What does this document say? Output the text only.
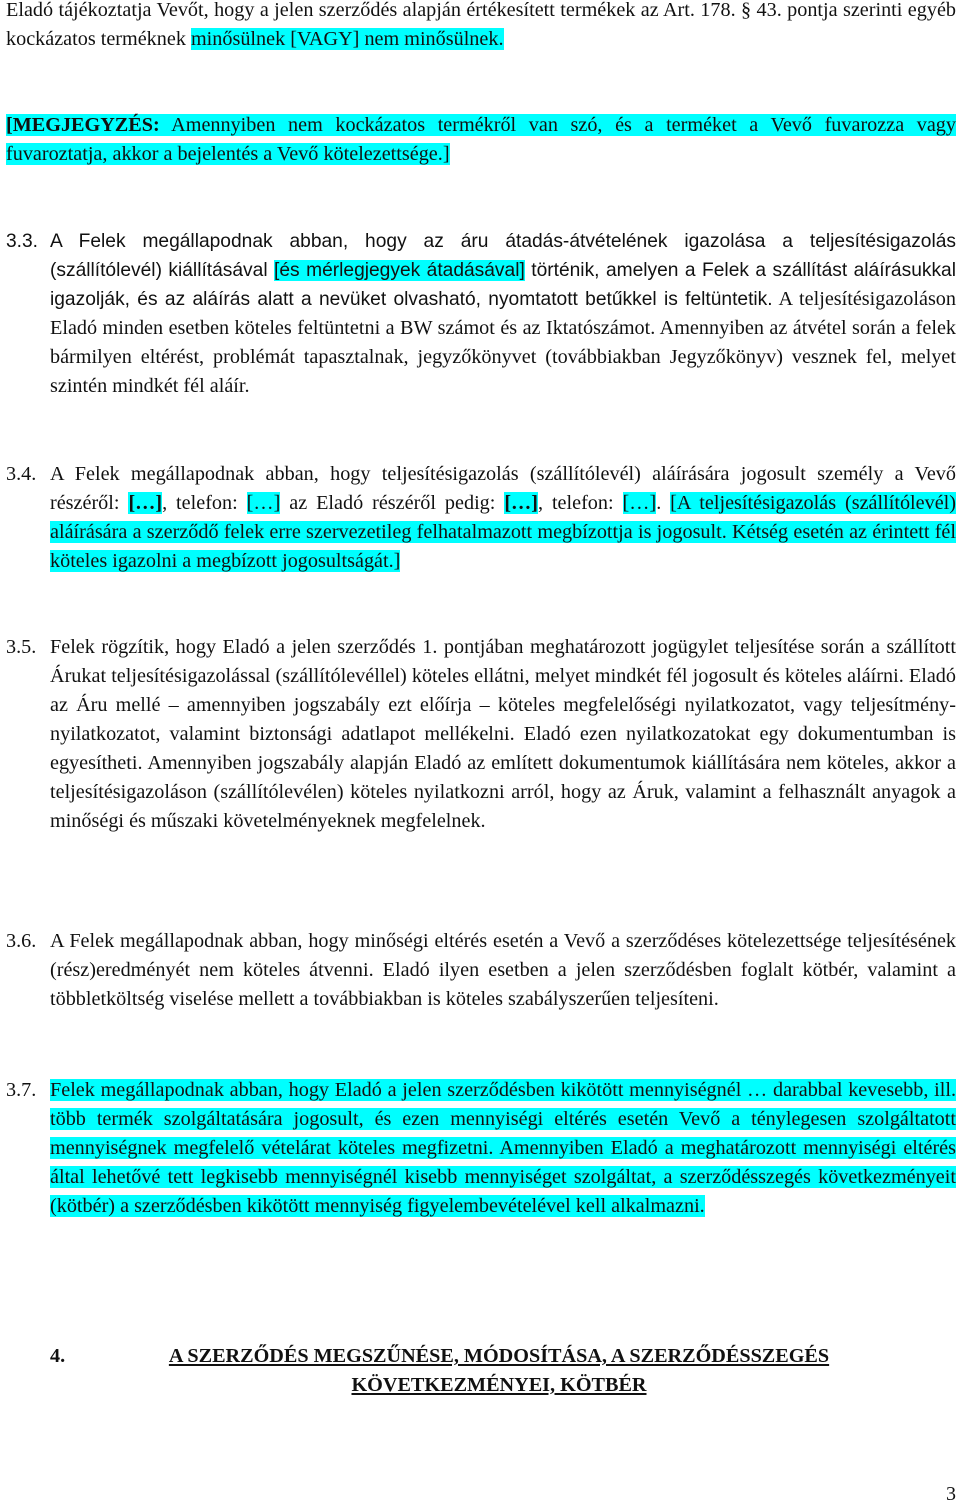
Eladó tájékoztatja Vevőt, hogy a jelen szerződés alapján értékesített termékek az Art. 178. § 43. pontja szerinti egyéb kockázatos terméknek minősülnek [VAGY] nem minősülnek.
[MEGJEGYZÉS: Amennyiben nem kockázatos termékről van szó, és a terméket a Vevő fuvarozza vagy fuvaroztatja, akkor a bejelentés a Vevő kötelezettsége.]
3.3. A Felek megállapodnak abban, hogy az áru átadás-átvételének igazolása a teljesítésigazolás (szállítólevél) kiállításával [és mérlegjegyek átadásával] történik, amelyen a Felek a szállítást aláírásukkal igazolják, és az aláírás alatt a nevüket olvasható, nyomtatott betűkkel is feltüntetik. A teljesítésigazoláson Eladó minden esetben köteles feltüntetni a BW számot és az Iktatószámot. Amennyiben az átvétel során a felek bármilyen eltérést, problémát tapasztalnak, jegyzőkönyvet (továbbiakban Jegyzőkönyv) vesznek fel, melyet szintén mindkét fél aláír.
3.4. A Felek megállapodnak abban, hogy teljesítésigazolás (szállítólevél) aláírására jogosult személy a Vevő részéről: […], telefon: […] az Eladó részéről pedig: […], telefon: […]. [A teljesítésigazolás (szállítólevél) aláírására a szerződő felek erre szervezetileg felhatalmazott megbízottja is jogosult. Kétség esetén az érintett fél köteles igazolni a megbízott jogosultságát.]
3.5. Felek rögzítik, hogy Eladó a jelen szerződés 1. pontjában meghatározott jogügylet teljesítése során a szállított Árukat teljesítésigazolással (szállítólevéllel) köteles ellátni, melyet mindkét fél jogosult és köteles aláírni. Eladó az Áru mellé – amennyiben jogszabály ezt előírja – köteles megfelelőségi nyilatkozatot, vagy teljesítmény-nyilatkozatot, valamint biztonsági adatlapot mellékelni. Eladó ezen nyilatkozatokat egy dokumentumban is egyesítheti. Amennyiben jogszabály alapján Eladó az említett dokumentumok kiállítására nem köteles, akkor a teljesítésigazoláson (szállítólevélen) köteles nyilatkozni arról, hogy az Áruk, valamint a felhasznált anyagok a minőségi és műszaki követelményeknek megfelelnek.
3.6. A Felek megállapodnak abban, hogy minőségi eltérés esetén a Vevő a szerződéses kötelezettsége teljesítésének (rész)eredményét nem köteles átvenni. Eladó ilyen esetben a jelen szerződésben foglalt kötbér, valamint a többletköltség viselése mellett a továbbiakban is köteles szabályszerűen teljesíteni.
3.7. Felek megállapodnak abban, hogy Eladó a jelen szerződésben kikötött mennyiségnél … darabbal kevesebb, ill. több termék szolgáltatására jogosult, és ezen mennyiségi eltérés esetén Vevő a ténylegesen szolgáltatott mennyiségnek megfelelő vételárat köteles megfizetni. Amennyiben Eladó a meghatározott mennyiségi eltérés által lehetővé tett legkisebb mennyiségnél kisebb mennyiséget szolgáltat, a szerződésszegés következményeit (kötbér) a szerződésben kikötött mennyiség figyelembevételével kell alkalmazni.
4.	A SZERZŐDÉS MEGSZŰNÉSE, MÓDOSÍTÁSA, A SZERZŐDÉSSZEGÉS KÖVETKEZMÉNYEI, KÖTBÉR
3
